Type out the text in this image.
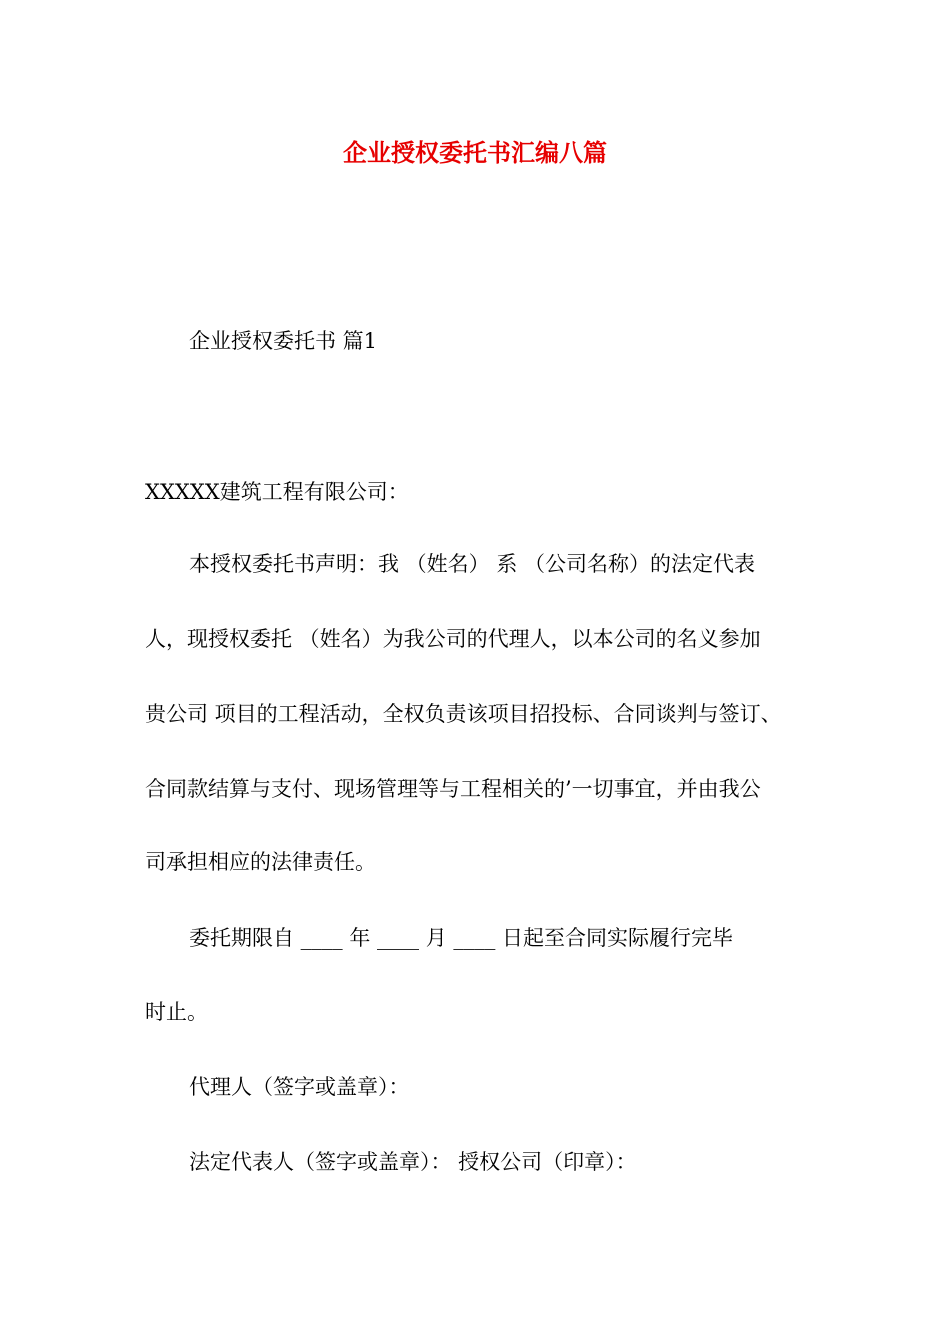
企业授权委托书汇编八篇
企业授权委托书 篇1
XXXXX建筑工程有限公司：
本授权委托书声明：我 （姓名） 系 （公司名称）的法定代表
人，现授权委托 （姓名）为我公司的代理人，以本公司的名义参加
贵公司 项目的工程活动，全权负责该项目招投标、合同谈判与签订、
合同款结算与支付、现场管理等与工程相关的’一切事宜，并由我公
司承担相应的法律责任。
委托期限自 ____ 年 ____ 月 ____ 日起至合同实际履行完毕
时止。
代理人（签字或盖章）：
法定代表人（签字或盖章）： 授权公司（印章）：
